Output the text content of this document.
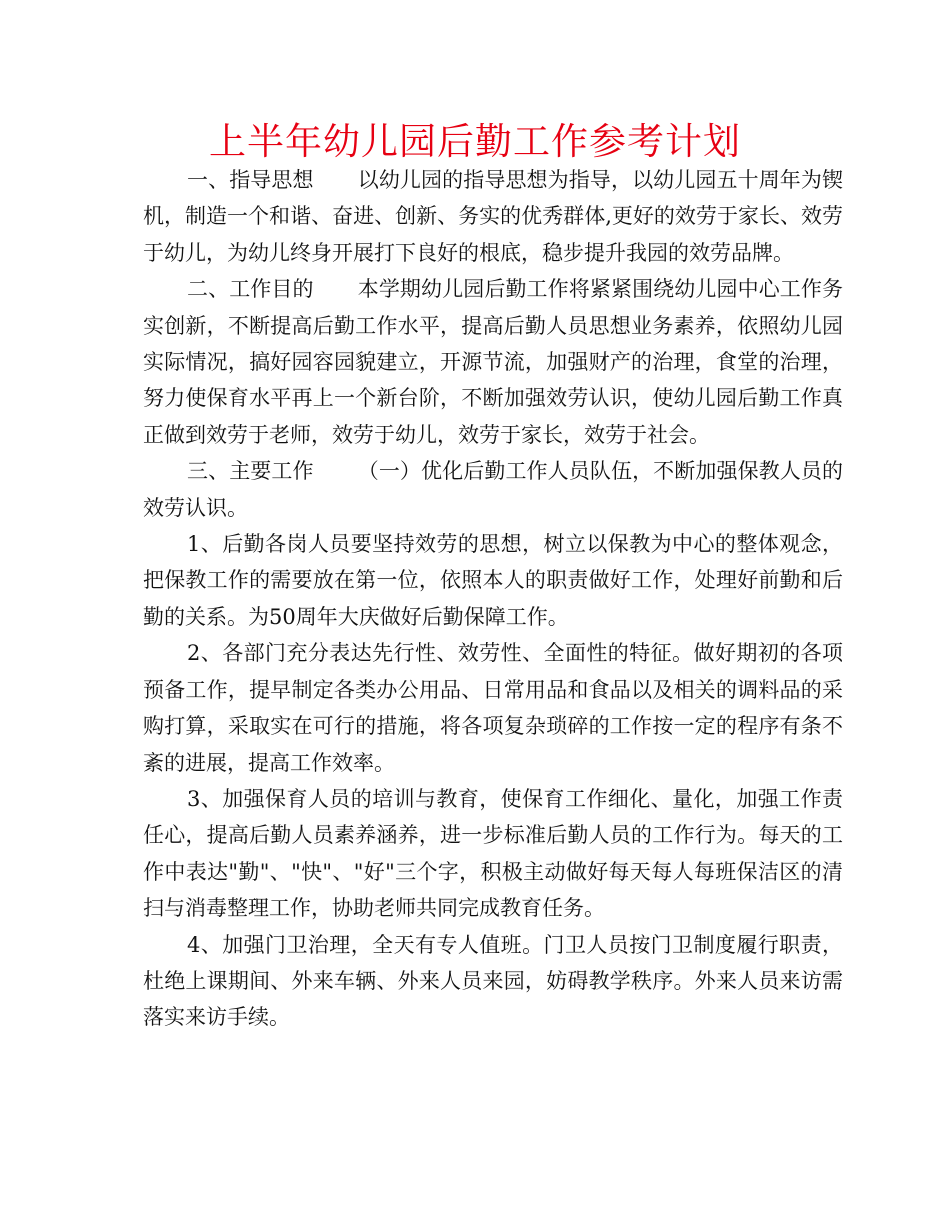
上半年幼儿园后勤工作参考计划

一、指导思想 以幼儿园的指导思想为指导，以幼儿园五十周年为锲机，制造一个和谐、奋进、创新、务实的优秀群体,更好的效劳于家长、效劳于幼儿，为幼儿终身开展打下良好的根底，稳步提升我园的效劳品牌。

二、工作目的 本学期幼儿园后勤工作将紧紧围绕幼儿园中心工作务实创新，不断提高后勤工作水平，提高后勤人员思想业务素养，依照幼儿园实际情况，搞好园容园貌建立，开源节流，加强财产的治理，食堂的治理，努力使保育水平再上一个新台阶，不断加强效劳认识，使幼儿园后勤工作真正做到效劳于老师，效劳于幼儿，效劳于家长，效劳于社会。

三、主要工作 （一）优化后勤工作人员队伍，不断加强保教人员的效劳认识。

1、后勤各岗人员要坚持效劳的思想，树立以保教为中心的整体观念，把保教工作的需要放在第一位，依照本人的职责做好工作，处理好前勤和后勤的关系。为50周年大庆做好后勤保障工作。

2、各部门充分表达先行性、效劳性、全面性的特征。做好期初的各项预备工作，提早制定各类办公用品、日常用品和食品以及相关的调料品的采购打算，采取实在可行的措施，将各项复杂琐碎的工作按一定的程序有条不紊的进展，提高工作效率。

3、加强保育人员的培训与教育，使保育工作细化、量化，加强工作责任心，提高后勤人员素养涵养，进一步标准后勤人员的工作行为。每天的工作中表达"勤"、"快"、"好"三个字，积极主动做好每天每人每班保洁区的清扫与消毒整理工作，协助老师共同完成教育任务。

4、加强门卫治理，全天有专人值班。门卫人员按门卫制度履行职责，杜绝上课期间、外来车辆、外来人员来园，妨碍教学秩序。外来人员来访需落实来访手续。
